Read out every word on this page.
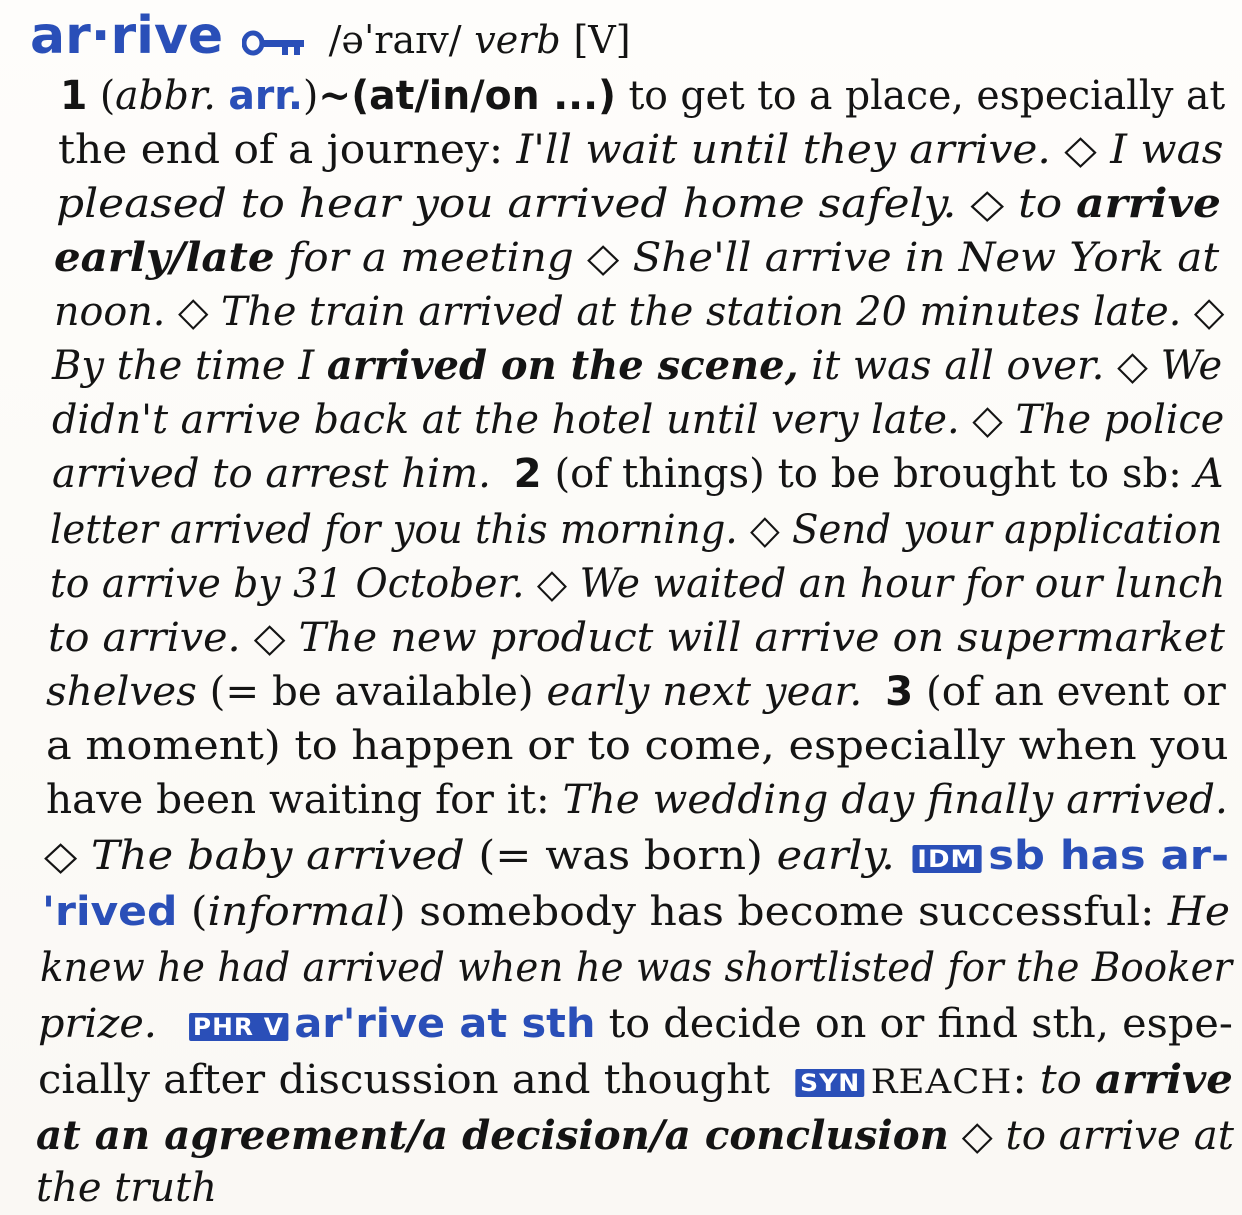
ar·rive	/əˈraɪv/ verb [V]
1 (abbr. arr.)~(at/in/on ...) to get to a place, especially at
the end of a journey: I'll wait until they arrive. ◇ I was
pleased to hear you arrived home safely. ◇ to arrive
early/late for a meeting ◇ She'll arrive in New York at
noon. ◇ The train arrived at the station 20 minutes late. ◇
By the time I arrived on the scene, it was all over. ◇ We
didn't arrive back at the hotel until very late. ◇ The police
arrived to arrest him. 2 (of things) to be brought to sb: A
letter arrived for you this morning. ◇ Send your application
to arrive by 31 October. ◇ We waited an hour for our lunch
to arrive. ◇ The new product will arrive on supermarket
shelves (= be available) early next year. 3 (of an event or
a moment) to happen or to come, especially when you
have been waiting for it: The wedding day finally arrived.
◇ The baby arrived (= was born) early. IDM sb has ar-
'rived (informal) somebody has become successful: He
knew he had arrived when he was shortlisted for the Booker
prize. PHR V ar'rive at sth to decide on or find sth, espe-
cially after discussion and thought SYN REACH: to arrive
at an agreement/a decision/a conclusion ◇ to arrive at
the truth
